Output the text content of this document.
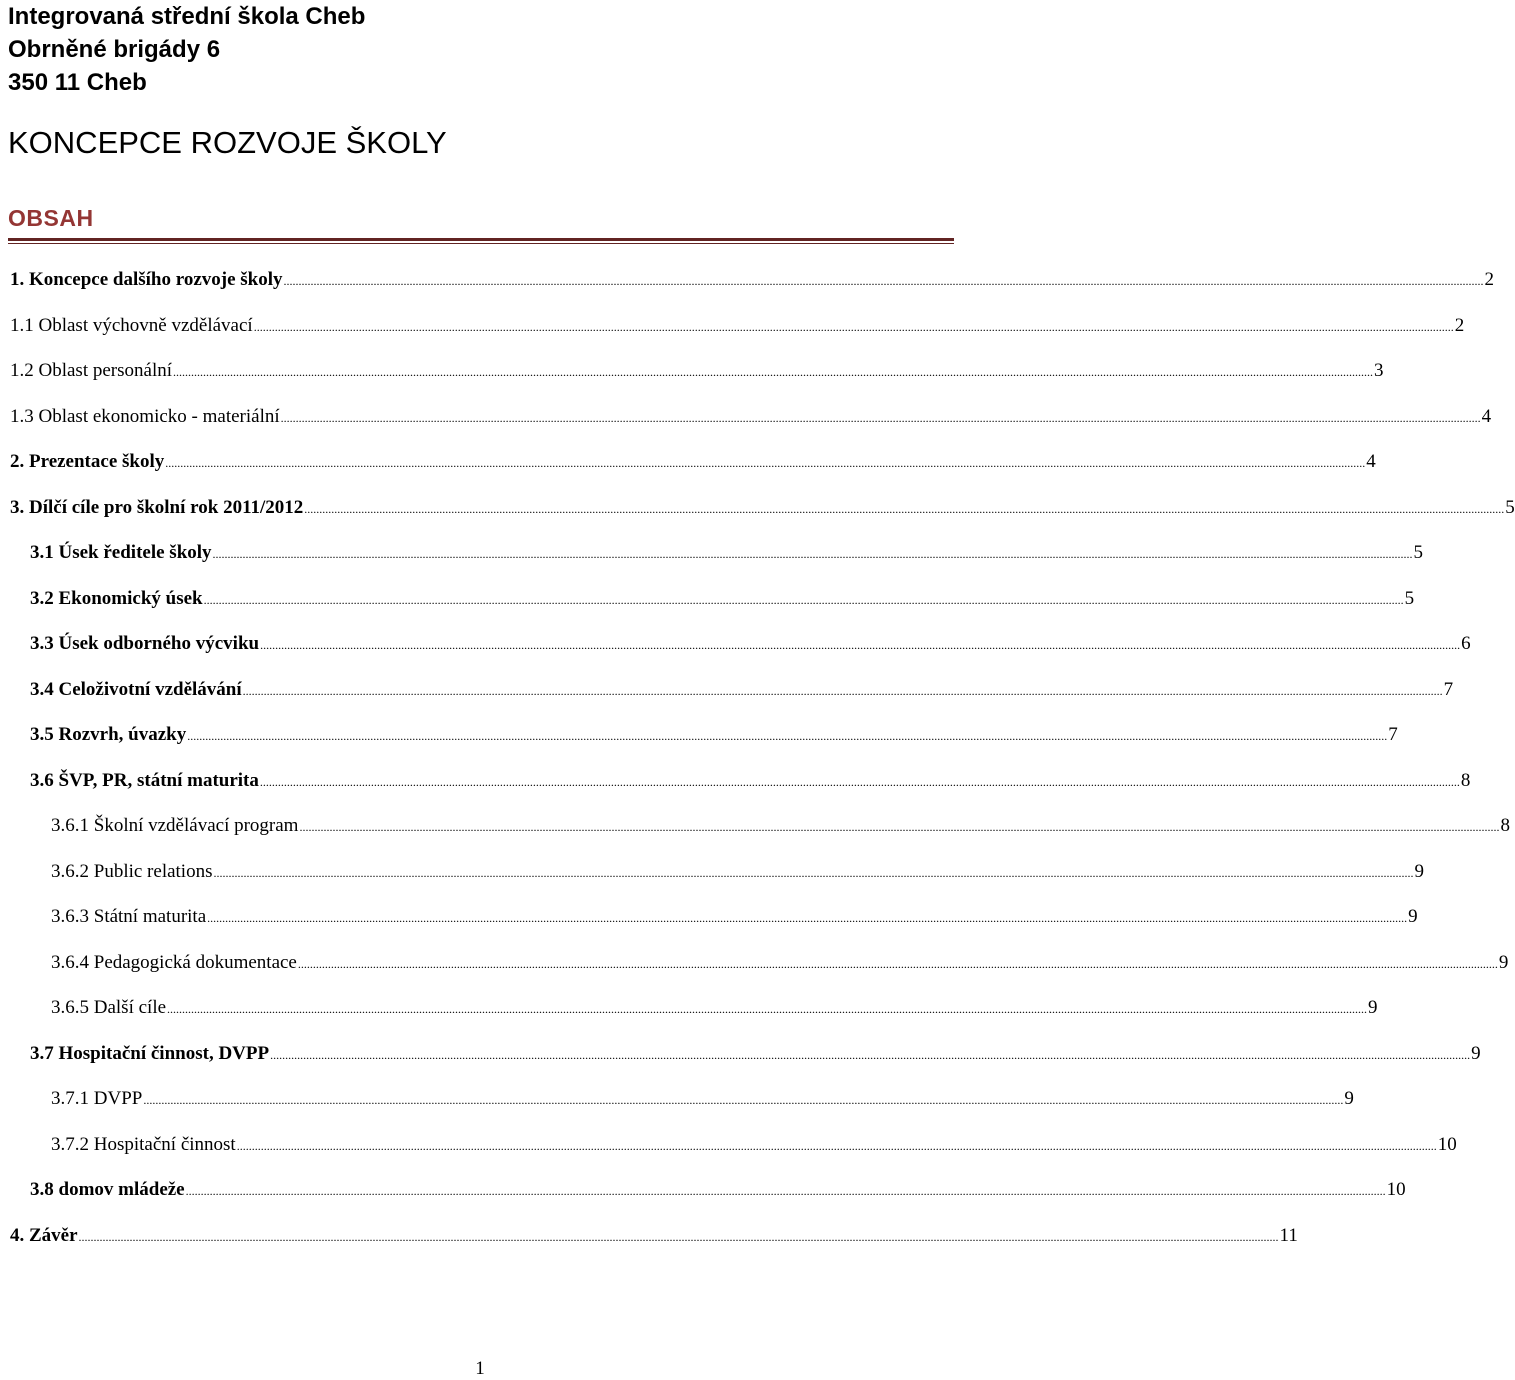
Integrovaná střední škola Cheb
Obrněné brigády 6
350 11 Cheb
KONCEPCE ROZVOJE ŠKOLY
OBSAH
1. Koncepce dalšího rozvoje školy ................................................................................................................................................................................................................................................................................................................................................................................................................ 2
1.1 Oblast výchovně vzdělávací ................................................................................................................................................................................................................................................................................................................................................................................................................ 2
1.2 Oblast personální ................................................................................................................................................................................................................................................................................................................................................................................................................ 3
1.3 Oblast ekonomicko - materiální ................................................................................................................................................................................................................................................................................................................................................................................................................ 4
2. Prezentace školy ................................................................................................................................................................................................................................................................................................................................................................................................................ 4
3. Dílčí cíle pro školní rok 2011/2012 ................................................................................................................................................................................................................................................................................................................................................................................................................ 5
3.1 Úsek ředitele školy ................................................................................................................................................................................................................................................................................................................................................................................................................ 5
3.2 Ekonomický úsek ................................................................................................................................................................................................................................................................................................................................................................................................................ 5
3.3 Úsek odborného výcviku ................................................................................................................................................................................................................................................................................................................................................................................................................ 6
3.4 Celoživotní vzdělávání ................................................................................................................................................................................................................................................................................................................................................................................................................ 7
3.5 Rozvrh, úvazky ................................................................................................................................................................................................................................................................................................................................................................................................................ 7
3.6 ŠVP, PR, státní maturita ................................................................................................................................................................................................................................................................................................................................................................................................................ 8
3.6.1 Školní vzdělávací program ................................................................................................................................................................................................................................................................................................................................................................................................................ 8
3.6.2 Public relations ................................................................................................................................................................................................................................................................................................................................................................................................................ 9
3.6.3 Státní maturita ................................................................................................................................................................................................................................................................................................................................................................................................................ 9
3.6.4 Pedagogická dokumentace ................................................................................................................................................................................................................................................................................................................................................................................................................ 9
3.6.5 Další cíle ................................................................................................................................................................................................................................................................................................................................................................................................................ 9
3.7 Hospitační činnost, DVPP ................................................................................................................................................................................................................................................................................................................................................................................................................ 9
3.7.1 DVPP ................................................................................................................................................................................................................................................................................................................................................................................................................ 9
3.7.2 Hospitační činnost ................................................................................................................................................................................................................................................................................................................................................................................................................ 10
3.8 domov mládeže ................................................................................................................................................................................................................................................................................................................................................................................................................ 10
4. Závěr ................................................................................................................................................................................................................................................................................................................................................................................................................ 11
1
